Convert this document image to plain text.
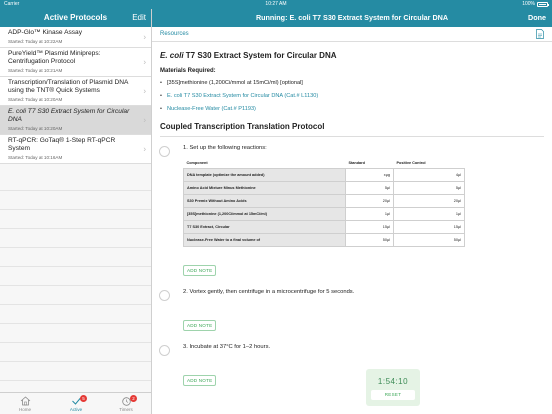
Carrier	10:27 AM	100%
Active Protocols	Edit
ADP-Glo™ Kinase Assay
Started: Today at 10:22AM	›
PureYield™ Plasmid Minipreps: Centrifugation Protocol
Started: Today at 10:21AM
›
Transcription/Translation of Plasmid DNA using the TNT® Quick Systems
Started: Today at 10:20AM
›
E. coli T7 S30 Extract System for Circular DNA
Started: Today at 10:20AM
›
RT-qPCR: GoTaq® 1-Step RT-qPCR System
Started: Today at 10:16AM
›
Home
5
Active
2
Timers
Running: E. coli T7 S30 Extract System for Circular DNA	Done
Resources
E. coli T7 S30 Extract System for Circular DNA
Materials Required:
• [35S]methionine (1,200Ci/mmol at 15mCi/ml) [optional]
• E. coli T7 S30 Extract System for Circular DNA (Cat.# L1130)
• Nuclease-Free Water (Cat.# P1193)
Coupled Transcription Translation Protocol
1. Set up the following reactions:
Component	Standard	Positive Control
DNA template (optimize the amount added)	xμg	4μl
Amino Acid Mixture Minus Methionine	5μl	5μl
S30 Premix Without Amino Acids	20μl	20μl
[35S]methionine (1,200Ci/mmol at 15mCi/ml)	1μl	1μl
T7 S30 Extract, Circular	15μl	15μl
Nuclease-Free Water to a final volume of	50μl	50μl
ADD NOTE
2. Vortex gently, then centrifuge in a microcentrifuge for 5 seconds.
ADD NOTE
3. Incubate at 37°C for 1–2 hours.
ADD NOTE	1:54:10
RESET
